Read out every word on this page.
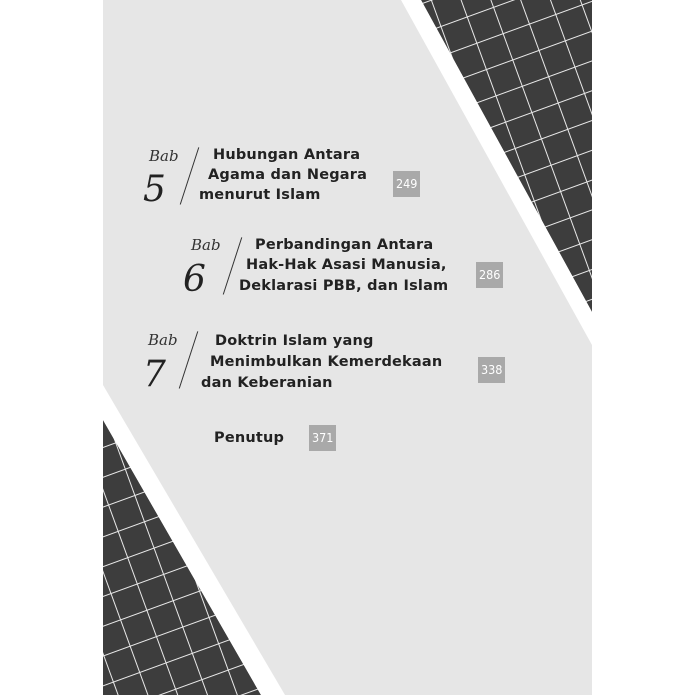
Bab
5
Hubungan Antara
Agama dan Negara
menurut Islam
249
Bab
6
Perbandingan Antara
Hak-Hak Asasi Manusia,
Deklarasi PBB, dan Islam
286
Bab
7
Doktrin Islam yang
Menimbulkan Kemerdekaan
dan Keberanian
338
Penutup 371
